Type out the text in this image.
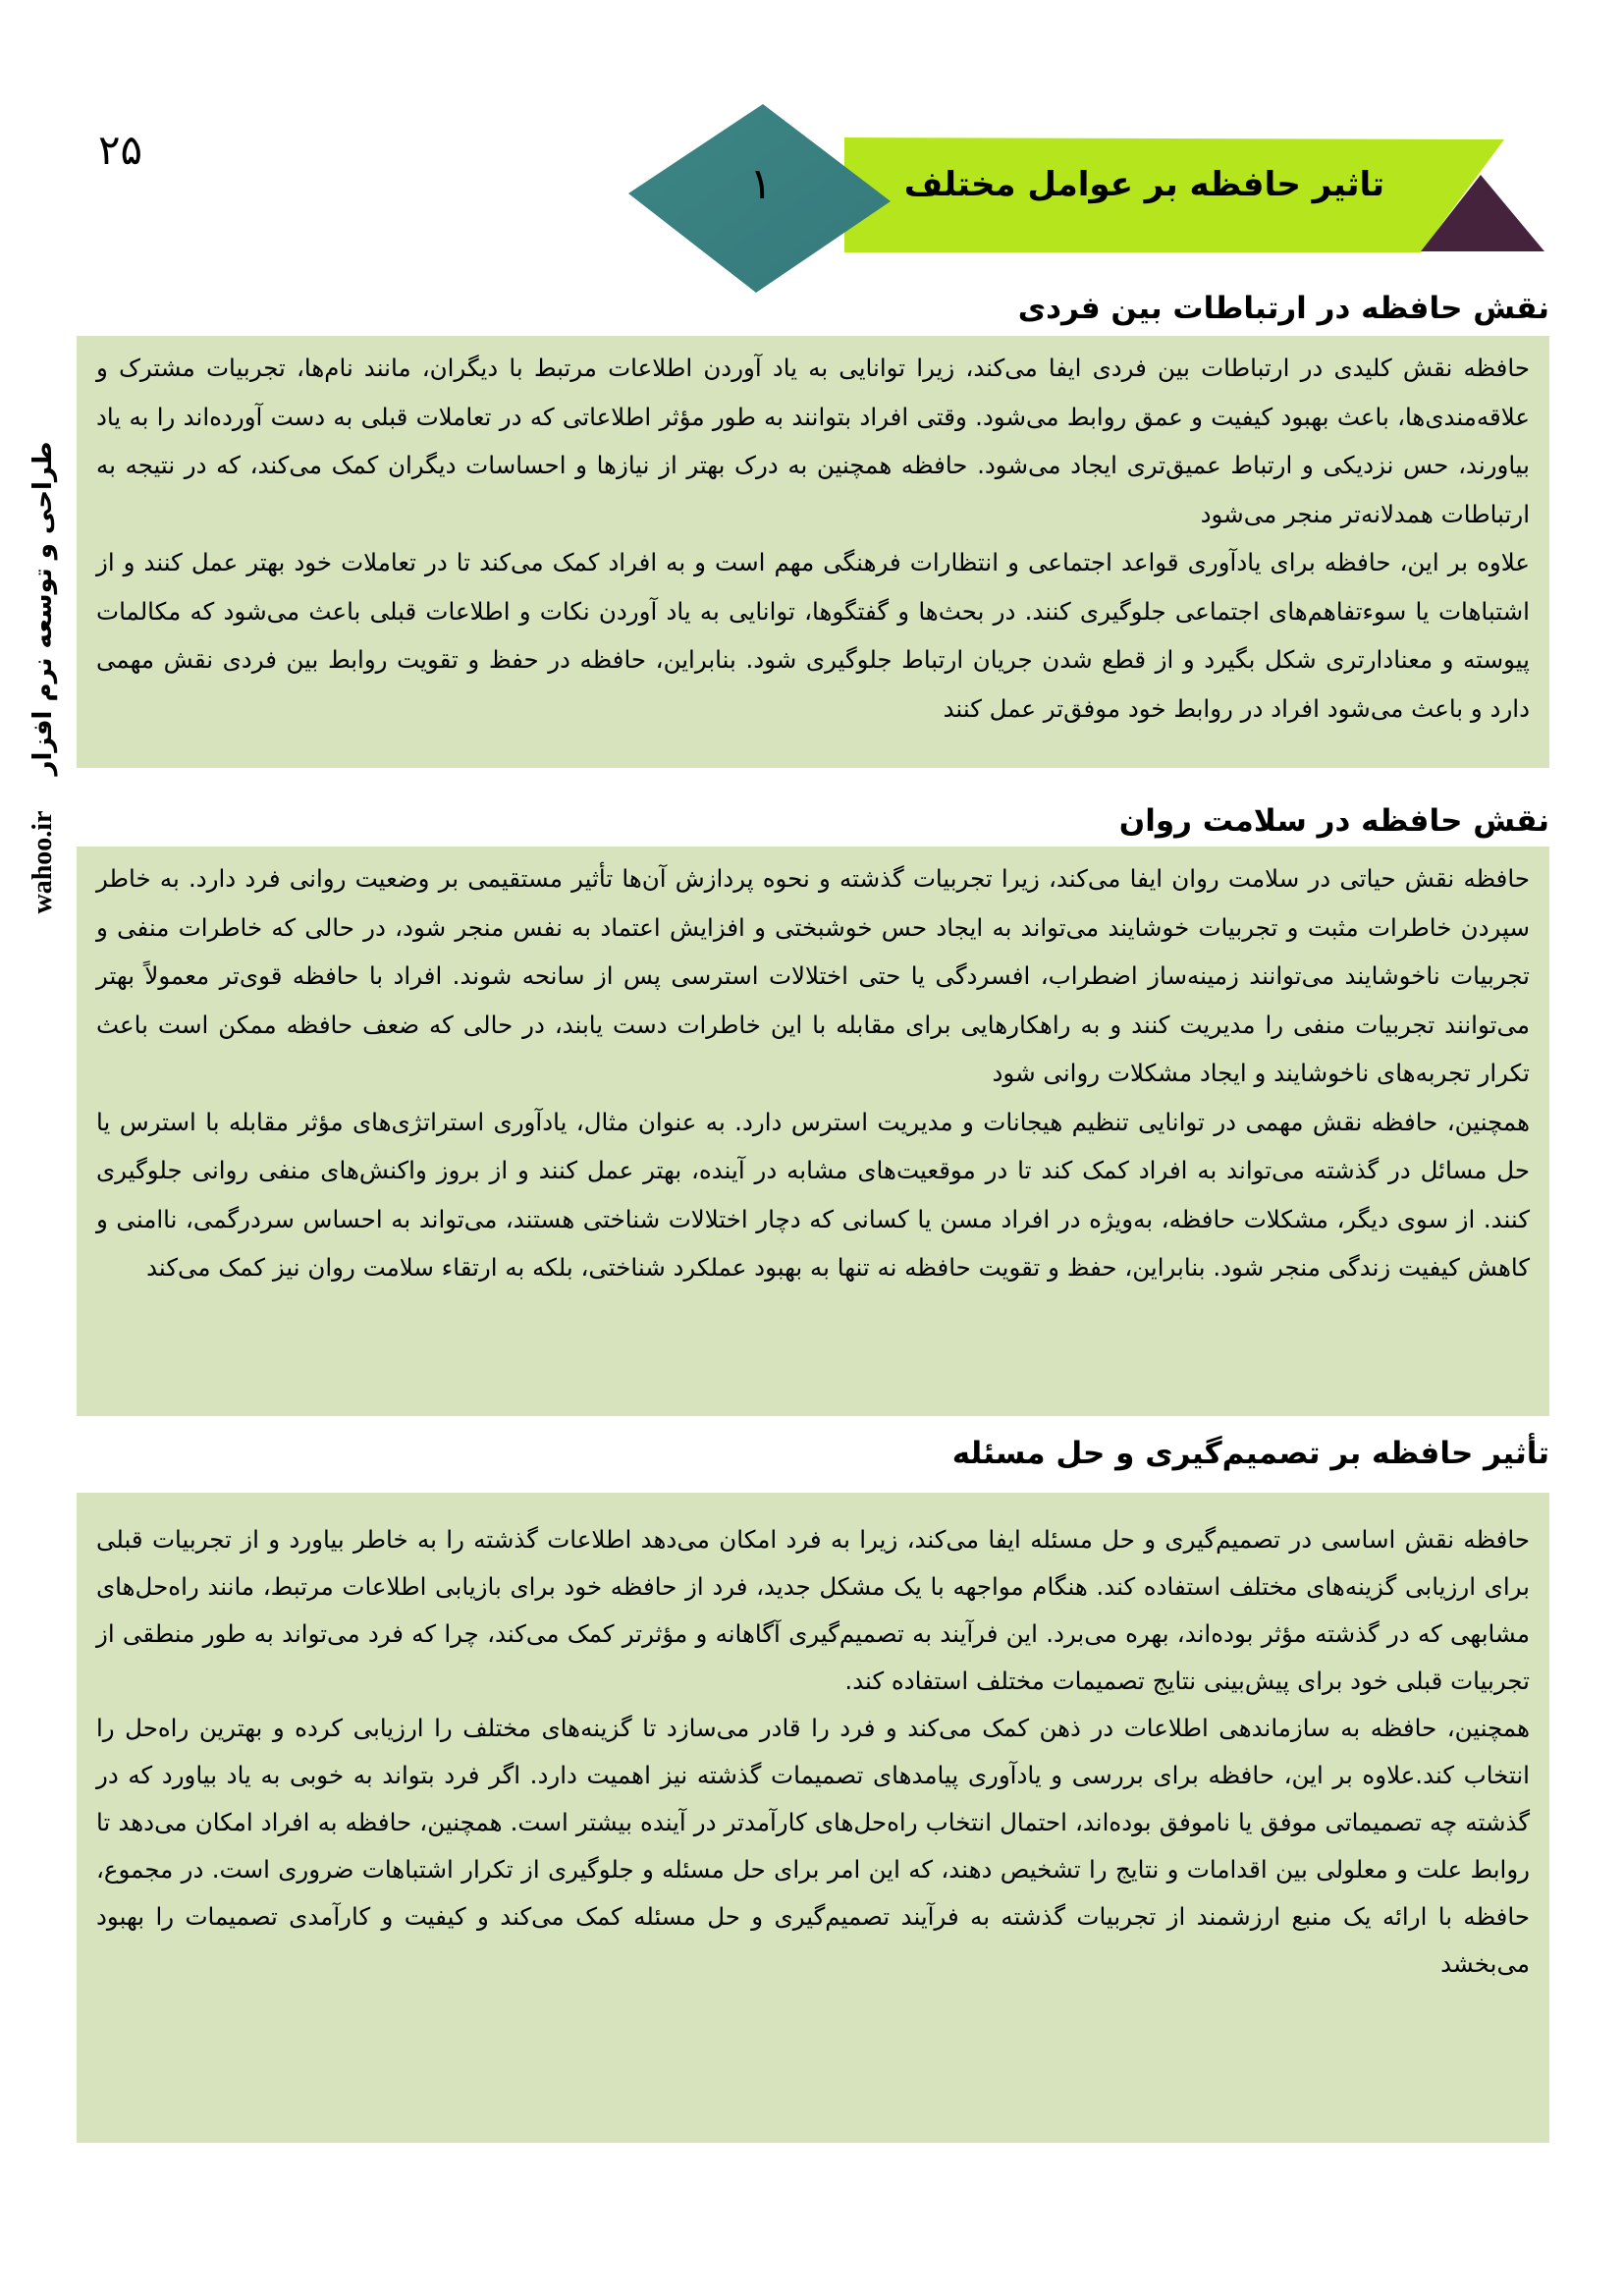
۲۵
۱	تاثیر حافظه بر عوامل مختلف
wahoo.ir
طراحی و توسعه نرم افزار
نقش حافظه در ارتباطات بین فردی

حافظه نقش کلیدی در ارتباطات بین فردی ایفا می‌کند، زیرا توانایی به یاد آوردن اطلاعات مرتبط با دیگران، مانند نام‌ها، تجربیات مشترک و علاقه‌مندی‌ها، باعث بهبود کیفیت و عمق روابط می‌شود. وقتی افراد بتوانند به طور مؤثر اطلاعاتی که در تعاملات قبلی به دست آورده‌اند را به یاد بیاورند، حس نزدیکی و ارتباط عمیق‌تری ایجاد می‌شود. حافظه همچنین به درک بهتر از نیازها و احساسات دیگران کمک می‌کند، که در نتیجه به ارتباطات همدلانه‌تر منجر می‌شود

علاوه بر این، حافظه برای یادآوری قواعد اجتماعی و انتظارات فرهنگی مهم است و به افراد کمک می‌کند تا در تعاملات خود بهتر عمل کنند و از اشتباهات یا سوءتفاهم‌های اجتماعی جلوگیری کنند. در بحث‌ها و گفتگوها، توانایی به یاد آوردن نکات و اطلاعات قبلی باعث می‌شود که مکالمات پیوسته و معنادارتری شکل بگیرد و از قطع شدن جریان ارتباط جلوگیری شود. بنابراین، حافظه در حفظ و تقویت روابط بین فردی نقش مهمی دارد و باعث می‌شود افراد در روابط خود موفق‌تر عمل کنند

نقش حافظه در سلامت روان

حافظه نقش حیاتی در سلامت روان ایفا می‌کند، زیرا تجربیات گذشته و نحوه پردازش آن‌ها تأثیر مستقیمی بر وضعیت روانی فرد دارد. به خاطر سپردن خاطرات مثبت و تجربیات خوشایند می‌تواند به ایجاد حس خوشبختی و افزایش اعتماد به نفس منجر شود، در حالی که خاطرات منفی و تجربیات ناخوشایند می‌توانند زمینه‌ساز اضطراب، افسردگی یا حتی اختلالات استرسی پس از سانحه شوند. افراد با حافظه قوی‌تر معمولاً بهتر می‌توانند تجربیات منفی را مدیریت کنند و به راهکارهایی برای مقابله با این خاطرات دست یابند، در حالی که ضعف حافظه ممکن است باعث تکرار تجربه‌های ناخوشایند و ایجاد مشکلات روانی شود

همچنین، حافظه نقش مهمی در توانایی تنظیم هیجانات و مدیریت استرس دارد. به عنوان مثال، یادآوری استراتژی‌های مؤثر مقابله با استرس یا حل مسائل در گذشته می‌تواند به افراد کمک کند تا در موقعیت‌های مشابه در آینده، بهتر عمل کنند و از بروز واکنش‌های منفی روانی جلوگیری کنند. از سوی دیگر، مشکلات حافظه، به‌ویژه در افراد مسن یا کسانی که دچار اختلالات شناختی هستند، می‌تواند به احساس سردرگمی، ناامنی و کاهش کیفیت زندگی منجر شود. بنابراین، حفظ و تقویت حافظه نه تنها به بهبود عملکرد شناختی، بلکه به ارتقاء سلامت روان نیز کمک می‌کند

تأثیر حافظه بر تصمیم‌گیری و حل مسئله

حافظه نقش اساسی در تصمیم‌گیری و حل مسئله ایفا می‌کند، زیرا به فرد امکان می‌دهد اطلاعات گذشته را به خاطر بیاورد و از تجربیات قبلی برای ارزیابی گزینه‌های مختلف استفاده کند. هنگام مواجهه با یک مشکل جدید، فرد از حافظه خود برای بازیابی اطلاعات مرتبط، مانند راه‌حل‌های مشابهی که در گذشته مؤثر بوده‌اند، بهره می‌برد. این فرآیند به تصمیم‌گیری آگاهانه و مؤثرتر کمک می‌کند، چرا که فرد می‌تواند به طور منطقی از تجربیات قبلی خود برای پیش‌بینی نتایج تصمیمات مختلف استفاده کند.

همچنین، حافظه به سازماندهی اطلاعات در ذهن کمک می‌کند و فرد را قادر می‌سازد تا گزینه‌های مختلف را ارزیابی کرده و بهترین راه‌حل را انتخاب کند.علاوه بر این، حافظه برای بررسی و یادآوری پیامدهای تصمیمات گذشته نیز اهمیت دارد. اگر فرد بتواند به خوبی به یاد بیاورد که در گذشته چه تصمیماتی موفق یا ناموفق بوده‌اند، احتمال انتخاب راه‌حل‌های کارآمدتر در آینده بیشتر است. همچنین، حافظه به افراد امکان می‌دهد تا روابط علت و معلولی بین اقدامات و نتایج را تشخیص دهند، که این امر برای حل مسئله و جلوگیری از تکرار اشتباهات ضروری است. در مجموع، حافظه با ارائه یک منبع ارزشمند از تجربیات گذشته به فرآیند تصمیم‌گیری و حل مسئله کمک می‌کند و کیفیت و کارآمدی تصمیمات را بهبود می‌بخشد
